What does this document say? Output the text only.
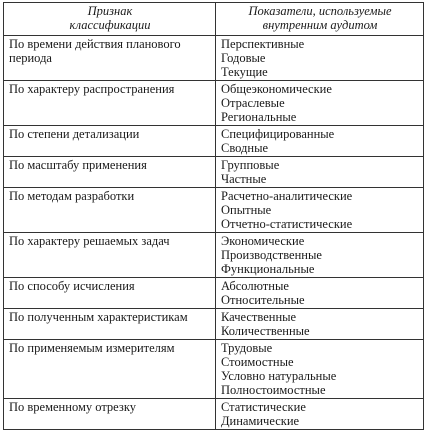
Признак
классификации	Показатели, используемые
внутренним аудитом

По времени действия планового периода	Перспективные
Годовые
Текущие

По характеру распространения	Общеэкономические
Отраслевые
Региональные

По степени детализации	Специфицированные
Сводные

По масштабу применения	Групповые
Частные

По методам разработки	Расчетно-аналитические
Опытные
Отчетно-статистические

По характеру решаемых задач	Экономические
Производственные
Функциональные

По способу исчисления	Абсолютные
Относительные

По полученным характеристикам	Качественные
Количественные

По применяемым измерителям	Трудовые
Стоимостные
Условно натуральные
Полностоимостные

По временному отрезку	Статистические
Динамические
